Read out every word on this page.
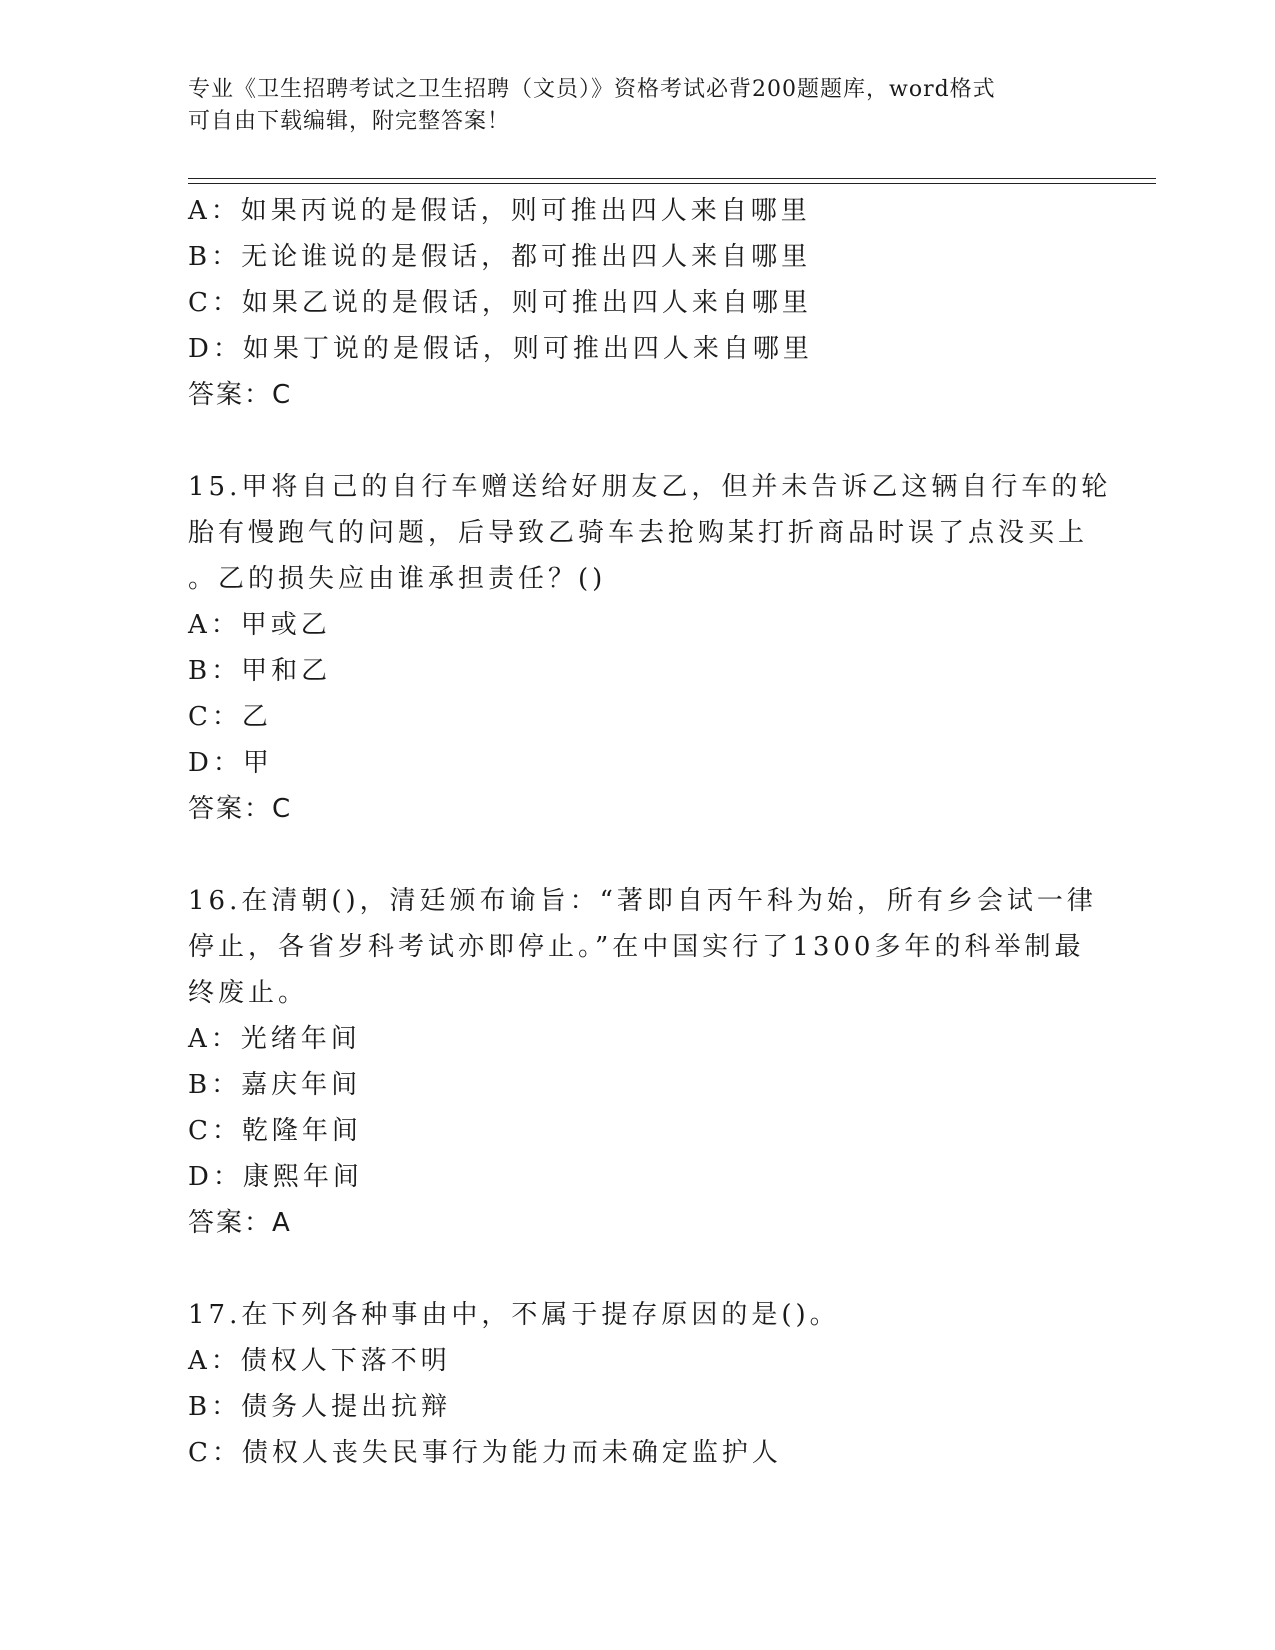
专业《卫生招聘考试之卫生招聘（文员）》资格考试必背200题题库，word格式
可自由下载编辑，附完整答案！
A：如果丙说的是假话，则可推出四人来自哪里
B：无论谁说的是假话，都可推出四人来自哪里
C：如果乙说的是假话，则可推出四人来自哪里
D：如果丁说的是假话，则可推出四人来自哪里
答案：C
15.甲将自己的自行车赠送给好朋友乙，但并未告诉乙这辆自行车的轮
胎有慢跑气的问题，后导致乙骑车去抢购某打折商品时误了点没买上
。乙的损失应由谁承担责任？()
A：甲或乙
B：甲和乙
C：乙
D：甲
答案：C
16.在清朝()，清廷颁布谕旨：“著即自丙午科为始，所有乡会试一律
停止，各省岁科考试亦即停止。”在中国实行了1300多年的科举制最
终废止。
A：光绪年间
B：嘉庆年间
C：乾隆年间
D：康熙年间
答案：A
17.在下列各种事由中，不属于提存原因的是()。
A：债权人下落不明
B：债务人提出抗辩
C：债权人丧失民事行为能力而未确定监护人
